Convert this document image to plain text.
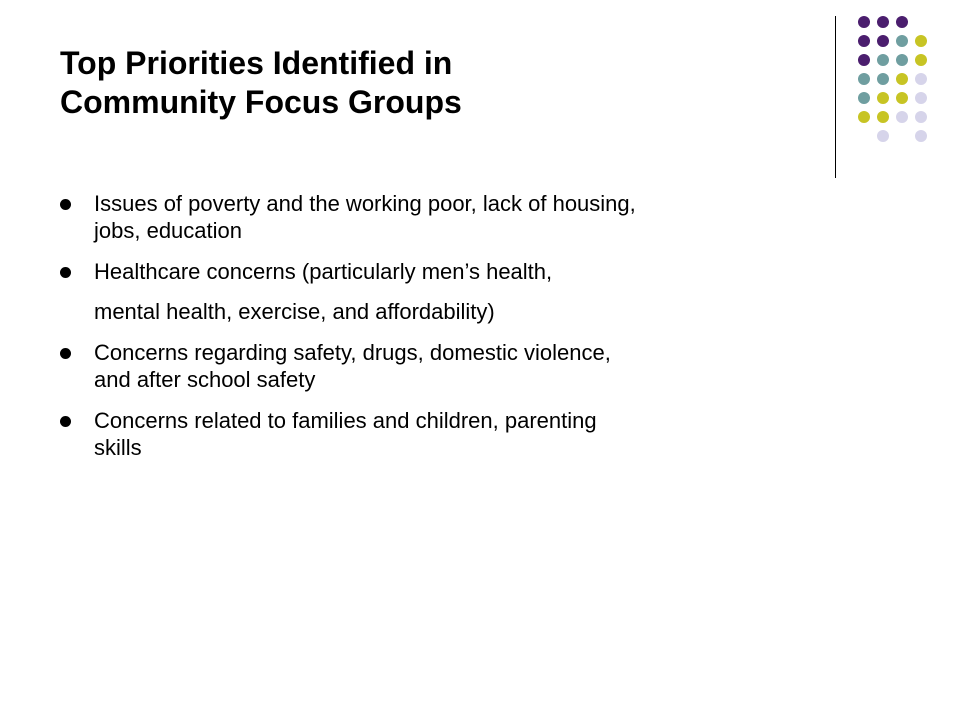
Top Priorities Identified in
Community Focus Groups
Issues of poverty and the working poor, lack of housing,
jobs, education
Healthcare concerns (particularly men’s health,
mental health, exercise, and affordability)
Concerns regarding safety, drugs, domestic violence,
and after school safety
Concerns related to families and children, parenting
skills
